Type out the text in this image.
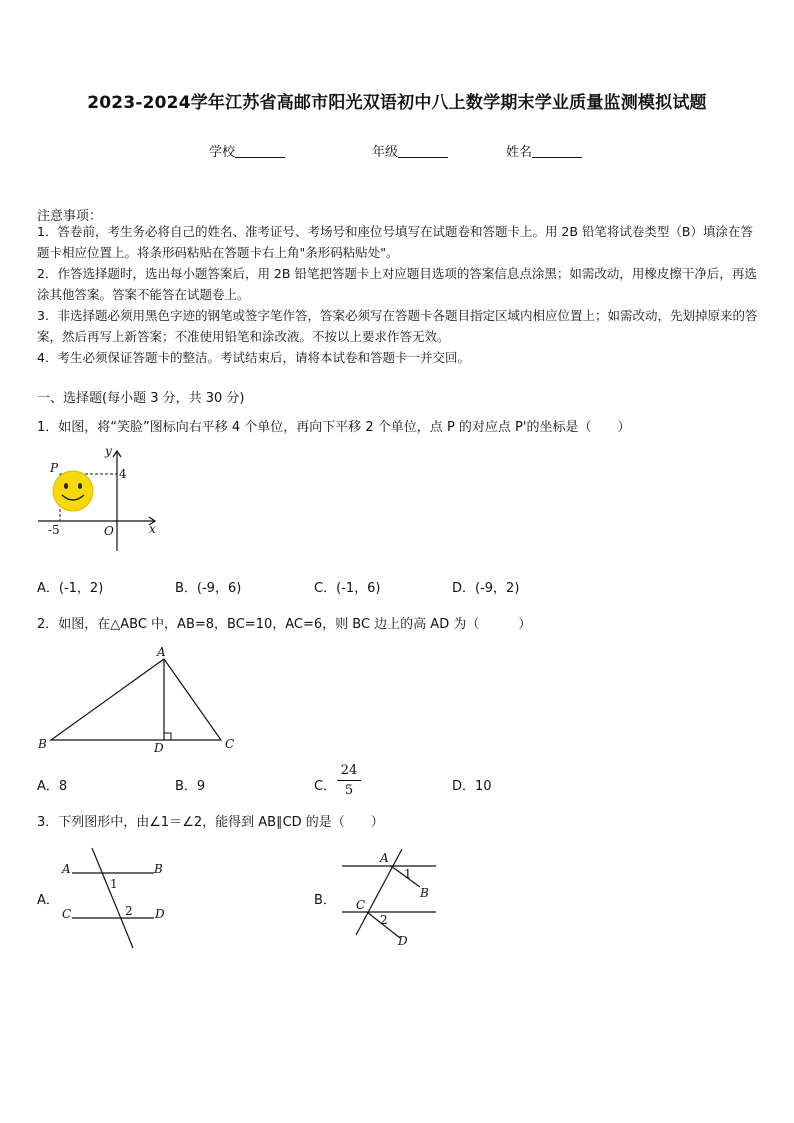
2023-2024学年江苏省高邮市阳光双语初中八上数学期末学业质量监测模拟试题
学校	年级	姓名
注意事项：
1．答卷前，考生务必将自己的姓名、准考证号、考场号和座位号填写在试题卷和答题卡上。用 2B 铅笔将试卷类型（B）填涂在答题卡相应位置上。将条形码粘贴在答题卡右上角"条形码粘贴处"。
2．作答选择题时，选出每小题答案后，用 2B 铅笔把答题卡上对应题目选项的答案信息点涂黑；如需改动，用橡皮擦干净后，再选涂其他答案。答案不能答在试题卷上。
3．非选择题必须用黑色字迹的钢笔或签字笔作答，答案必须写在答题卡各题目指定区域内相应位置上；如需改动，先划掉原来的答案，然后再写上新答案；不准使用铅笔和涂改液。不按以上要求作答无效。
4．考生必须保证答题卡的整洁。考试结束后，请将本试卷和答题卡一并交回。
一、选择题(每小题 3 分，共 30 分)
1．如图，将“笑脸”图标向右平移 4 个单位，再向下平移 2 个单位，点 P 的对应点 P'的坐标是（　　）
y
x
O
P	4
-5
A．(-1，2)	B．(-9，6)	C．(-1，6)	D．(-9，2)
2．如图，在△ABC 中，AB=8，BC=10，AC=6，则 BC 边上的高 AD 为（　　　）
A
B	C
D
A．8	B．9	C． $\frac{24}{5}$	D．10
3．下列图形中，由∠1＝∠2，能得到 AB∥CD 的是（　　）
A．
A	B
C	D
1
2
B．
A
B
C
D
1
2
